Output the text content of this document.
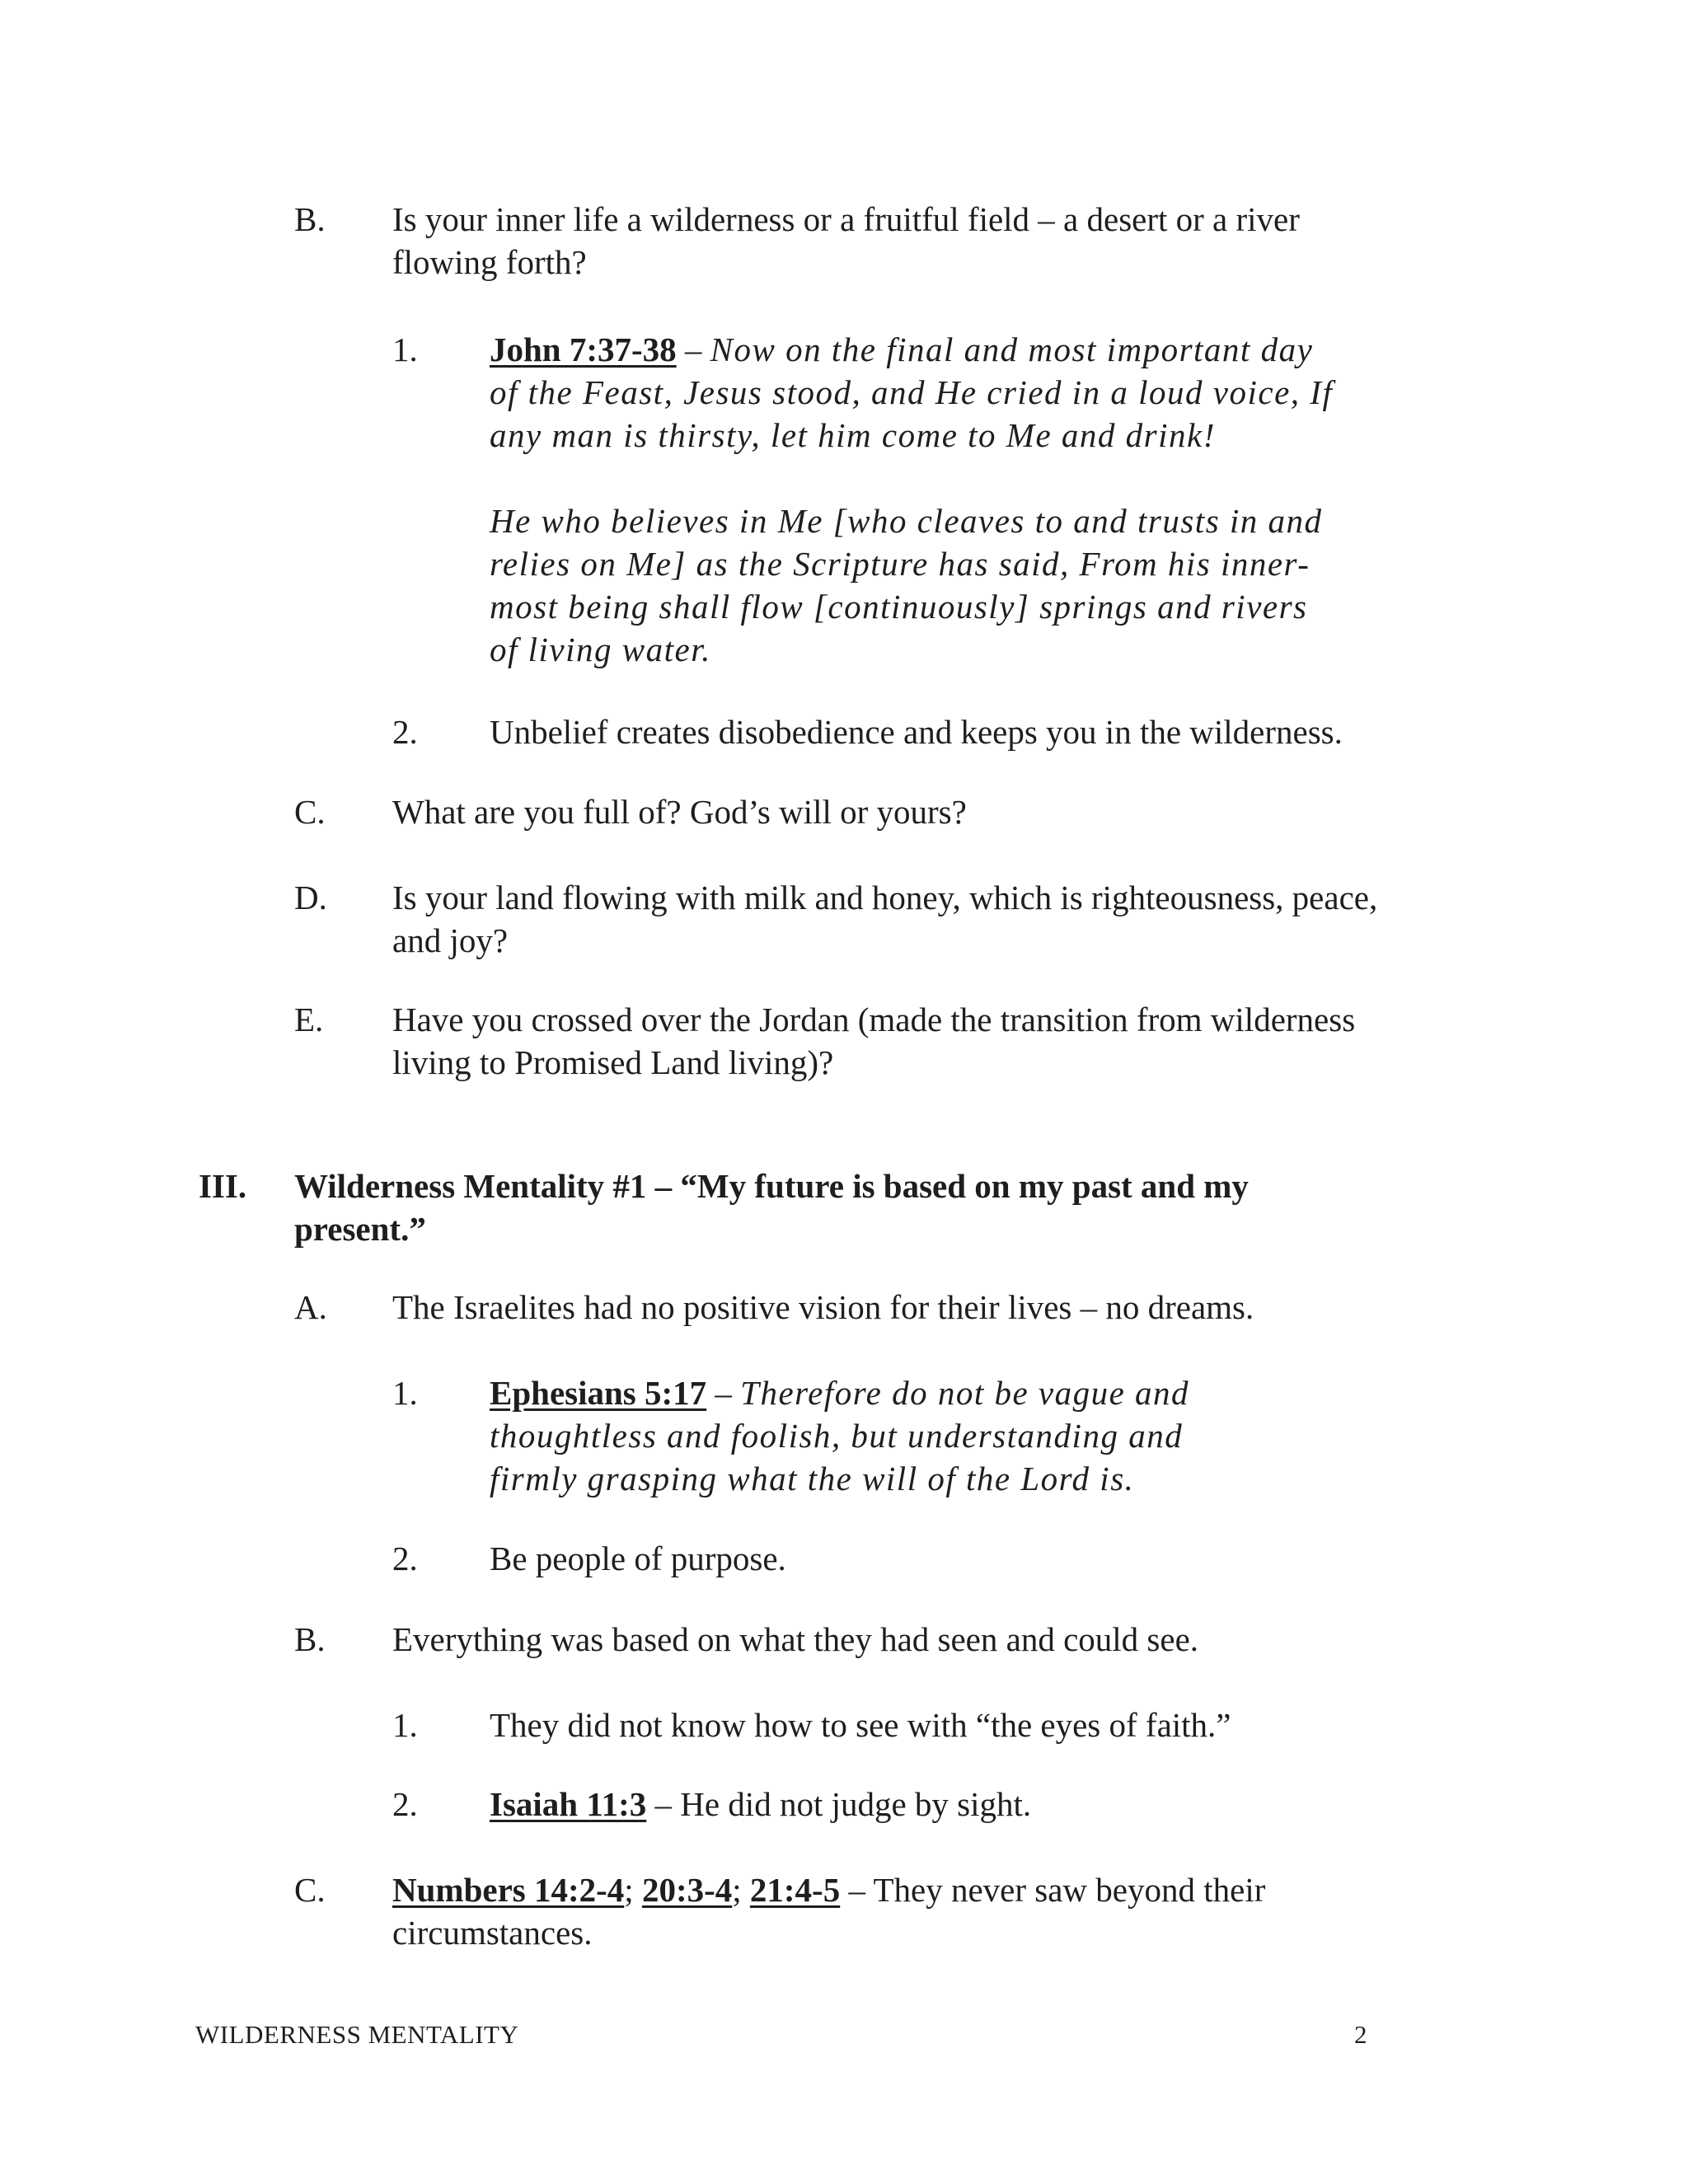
B. Is your inner life a wilderness or a fruitful field – a desert or a river
flowing forth?
1. John 7:37-38 – Now on the final and most important day
of the Feast, Jesus stood, and He cried in a loud voice, If
any man is thirsty, let him come to Me and drink!
He who believes in Me [who cleaves to and trusts in and
relies on Me] as the Scripture has said, From his inner-
most being shall flow [continuously] springs and rivers
of living water.
2. Unbelief creates disobedience and keeps you in the wilderness.
C. What are you full of? God’s will or yours?
D. Is your land flowing with milk and honey, which is righteousness, peace,
and joy?
E. Have you crossed over the Jordan (made the transition from wilderness
living to Promised Land living)?
III. Wilderness Mentality #1 – “My future is based on my past and my
present.”
A. The Israelites had no positive vision for their lives – no dreams.
1. Ephesians 5:17 – Therefore do not be vague and
thoughtless and foolish, but understanding and
firmly grasping what the will of the Lord is.
2. Be people of purpose.
B. Everything was based on what they had seen and could see.
1. They did not know how to see with “the eyes of faith.”
2. Isaiah 11:3 – He did not judge by sight.
C. Numbers 14:2-4; 20:3-4; 21:4-5 – They never saw beyond their
circumstances.
WILDERNESS MENTALITY	2
